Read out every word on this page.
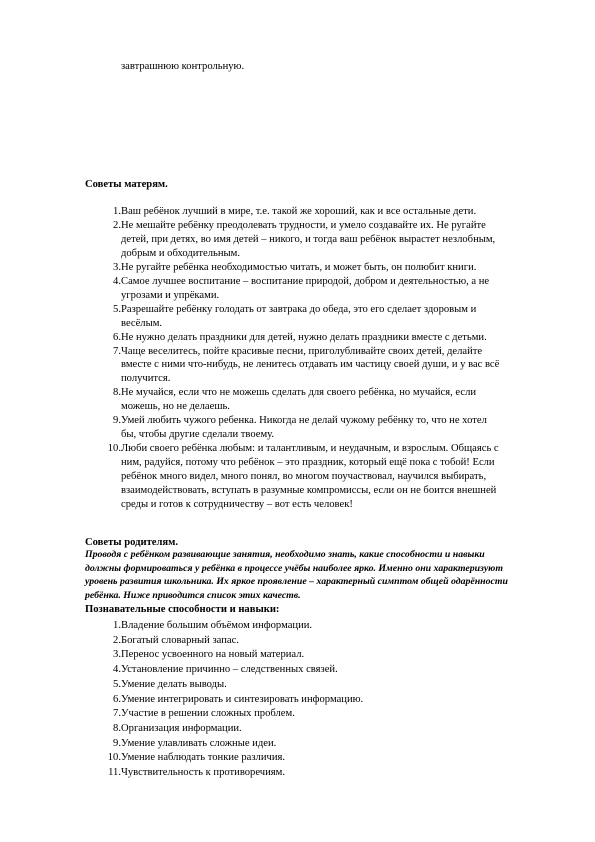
завтрашнюю контрольную.
Советы матерям.
1. Ваш ребёнок лучший в мире, т.е. такой же хороший, как и все остальные дети.
2. Не мешайте ребёнку преодолевать трудности, и умело создавайте их. Не ругайте
детей, при детях, во имя детей – никого, и тогда ваш ребёнок вырастет незлобным,
добрым и обходительным.
3. Не ругайте ребёнка необходимостью читать, и может быть, он полюбит книги.
4. Самое лучшее воспитание – воспитание природой, добром и деятельностью, а не
угрозами и упрёками.
5. Разрешайте ребёнку голодать от завтрака до обеда, это его сделает здоровым и
весёлым.
6. Не нужно делать праздники для детей, нужно делать праздники вместе с детьми.
7. Чаще веселитесь, пойте красивые песни, приголубливайте своих детей, делайте
вместе с ними что-нибудь, не ленитесь отдавать им частицу своей души, и у вас всё
получится.
8. Не мучайся, если что не можешь сделать для своего ребёнка, но мучайся, если
можешь, но не делаешь.
9. Умей любить чужого ребенка. Никогда не делай чужому ребёнку то, что не хотел
бы, чтобы другие сделали твоему.
10. Люби своего ребёнка любым: и талантливым, и неудачным, и взрослым. Общаясь с
ним, радуйся, потому что ребёнок – это праздник, который ещё пока с тобой! Если
ребёнок много видел, много понял, во многом поучаствовал, научился выбирать,
взаимодействовать, вступать в разумные компромиссы, если он не боится внешней
среды и готов к сотрудничеству – вот есть человек!
Советы родителям.
Проводя с ребёнком развивающие занятия, необходимо знать, какие способности и навыки
должны формироваться у ребёнка в процессе учёбы наиболее ярко. Именно они характеризуют
уровень развития школьника. Их яркое проявление – характерный симптом общей одарённости
ребёнка. Ниже приводится список этих качеств.
Познавательные способности и навыки:
1. Владение большим объёмом информации.
2. Богатый словарный запас.
3. Перенос усвоенного на новый материал.
4. Установление причинно – следственных связей.
5. Умение делать выводы.
6. Умение интегрировать и синтезировать информацию.
7. Участие в решении сложных проблем.
8. Организация информации.
9. Умение улавливать сложные идеи.
10. Умение наблюдать тонкие различия.
11. Чувствительность к противоречиям.
